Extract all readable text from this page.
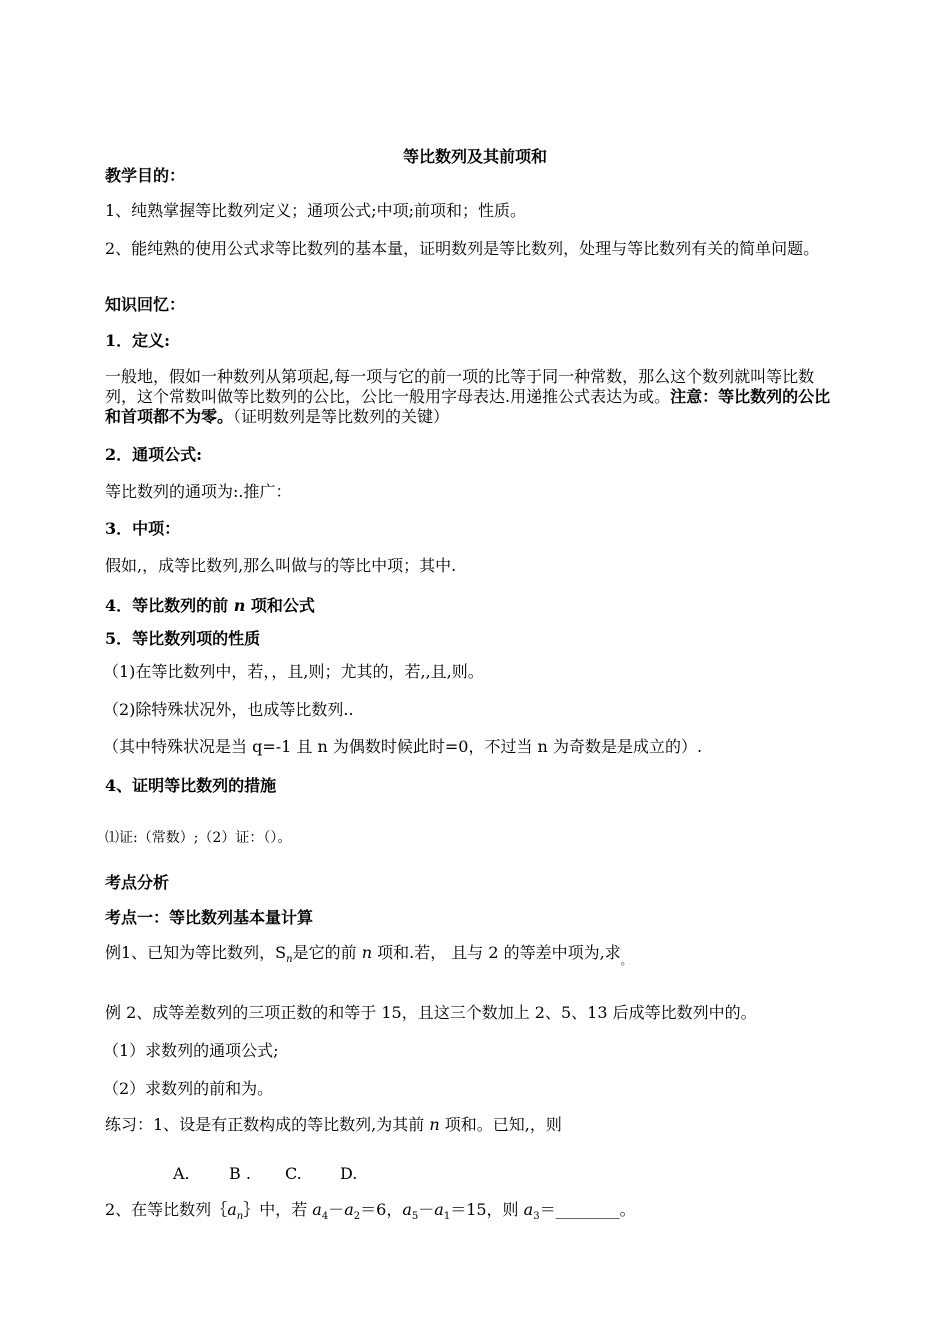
等比数列及其前项和
教学目的：
1、纯熟掌握等比数列定义；通项公式;中项;前项和；性质。
2、能纯熟的使用公式求等比数列的基本量，证明数列是等比数列，处理与等比数列有关的简单问题。
知识回忆：
1．定义:
一般地，假如一种数列从第项起,每一项与它的前一项的比等于同一种常数，那么这个数列就叫等比数列，这个常数叫做等比数列的公比，公比一般用字母表达.用递推公式表达为或。注意：等比数列的公比和首项都不为零。（证明数列是等比数列的关键）
2．通项公式:
等比数列的通项为:.推广：
3．中项：
假如,，成等比数列,那么叫做与的等比中项；其中.
4．等比数列的前 n 项和公式
5．等比数列项的性质
（1)在等比数列中，若，，且,则；尤其的，若,,且,则。
（2)除特殊状况外，也成等比数列..
（其中特殊状况是当 q=-1 且 n 为偶数时候此时=0，不过当 n 为奇数是是成立的）.
4、证明等比数列的措施
⑴证:（常数）;（2）证：（）。
考点分析
考点一：等比数列基本量计算
例1、已知为等比数列，$S_n$是它的前 n 项和.若， 且与 2 的等差中项为,求$_。$
例 2、成等差数列的三项正数的和等于 15，且这三个数加上 2、5、13 后成等比数列中的。
（1）求数列的通项公式;
（2）求数列的前和为。
练习：1、设是有正数构成的等比数列,为其前 n 项和。已知,，则
A. B . C. D.
2、在等比数列$\{a_n\}$中，若 $a_4-a_2=6$，$a_5-a_1=15$，则 $a_3=\_\_\_\_\_\_\_\_$。
